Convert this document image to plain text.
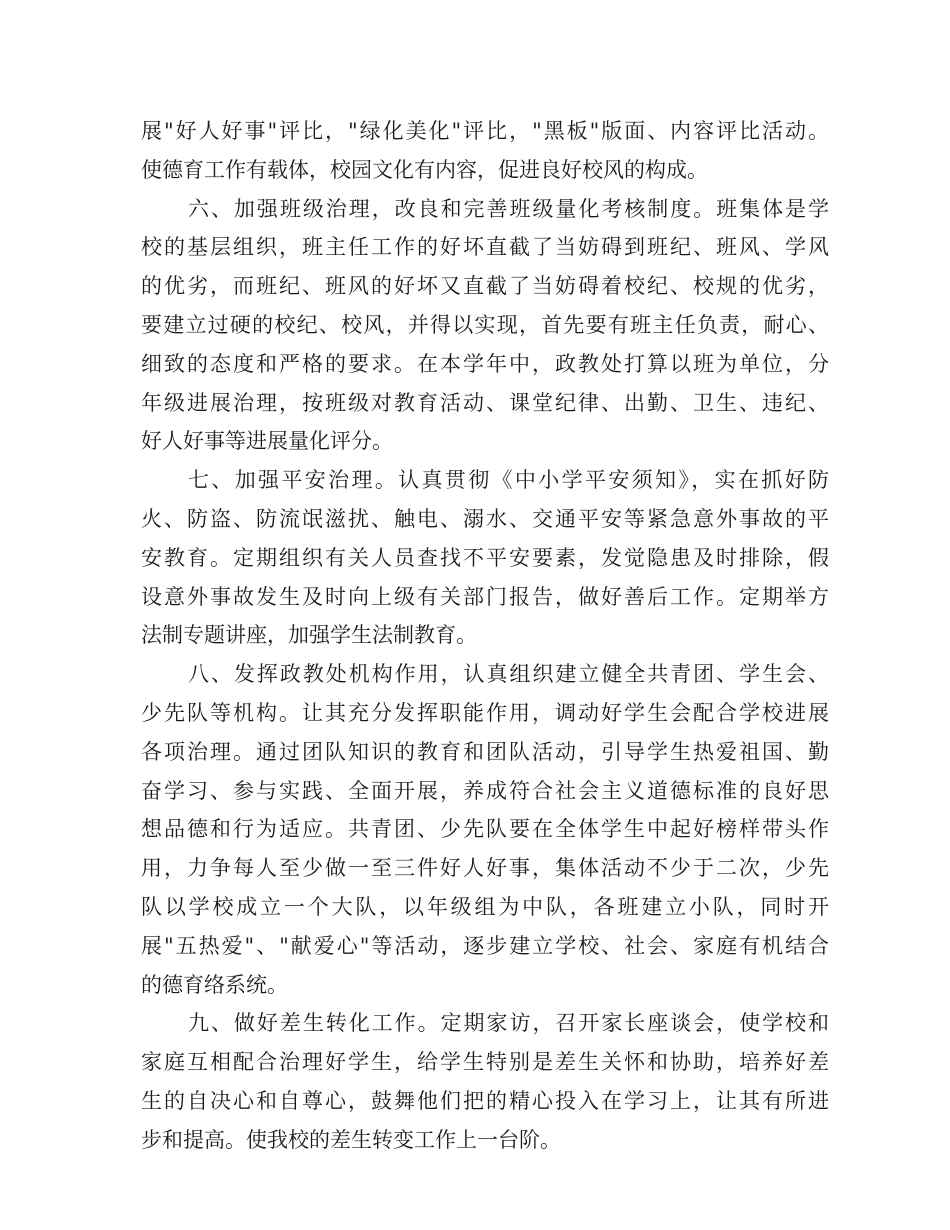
展"好人好事"评比，"绿化美化"评比，"黑板"版面、内容评比活动。
使德育工作有载体，校园文化有内容，促进良好校风的构成。
六、加强班级治理，改良和完善班级量化考核制度。班集体是学
校的基层组织，班主任工作的好坏直截了当妨碍到班纪、班风、学风
的优劣，而班纪、班风的好坏又直截了当妨碍着校纪、校规的优劣，
要建立过硬的校纪、校风，并得以实现，首先要有班主任负责，耐心、
细致的态度和严格的要求。在本学年中，政教处打算以班为单位，分
年级进展治理，按班级对教育活动、课堂纪律、出勤、卫生、违纪、
好人好事等进展量化评分。
七、加强平安治理。认真贯彻《中小学平安须知》，实在抓好防
火、防盗、防流氓滋扰、触电、溺水、交通平安等紧急意外事故的平
安教育。定期组织有关人员查找不平安要素，发觉隐患及时排除，假
设意外事故发生及时向上级有关部门报告，做好善后工作。定期举方
法制专题讲座，加强学生法制教育。
八、发挥政教处机构作用，认真组织建立健全共青团、学生会、
少先队等机构。让其充分发挥职能作用，调动好学生会配合学校进展
各项治理。通过团队知识的教育和团队活动，引导学生热爱祖国、勤
奋学习、参与实践、全面开展，养成符合社会主义道德标准的良好思
想品德和行为适应。共青团、少先队要在全体学生中起好榜样带头作
用，力争每人至少做一至三件好人好事，集体活动不少于二次，少先
队以学校成立一个大队，以年级组为中队，各班建立小队，同时开
展"五热爱"、"献爱心"等活动，逐步建立学校、社会、家庭有机结合
的德育络系统。
九、做好差生转化工作。定期家访，召开家长座谈会，使学校和
家庭互相配合治理好学生，给学生特别是差生关怀和协助，培养好差
生的自决心和自尊心，鼓舞他们把的精心投入在学习上，让其有所进
步和提高。使我校的差生转变工作上一台阶。
